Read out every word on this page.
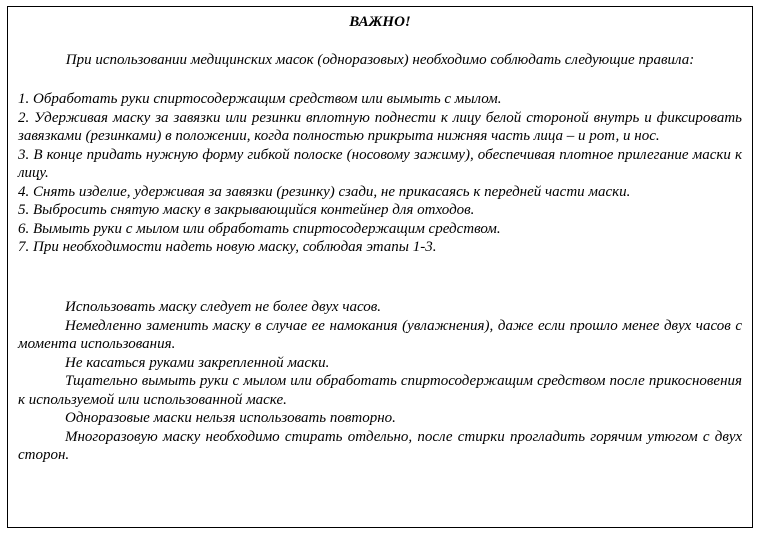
ВАЖНО!
При использовании медицинских масок (одноразовых) необходимо соблюдать следующие правила:
1. Обработать руки спиртосодержащим средством или вымыть с мылом.
2. Удерживая маску за завязки или резинки вплотную поднести к лицу белой стороной внутрь и фиксировать завязками (резинками) в положении, когда полностью прикрыта нижняя часть лица – и рот, и нос.
3. В конце придать нужную форму гибкой полоске (носовому зажиму), обеспечивая плотное прилегание маски к лицу.
4. Снять изделие, удерживая за завязки (резинку) сзади, не прикасаясь к передней части маски.
5. Выбросить снятую маску в закрывающийся контейнер для отходов.
6. Вымыть руки с мылом или обработать спиртосодержащим средством.
7. При необходимости надеть новую маску, соблюдая этапы 1-3.

Использовать маску следует не более двух часов.

Немедленно заменить маску в случае ее намокания (увлажнения), даже если прошло менее двух часов с момента использования.

Не касаться руками закрепленной маски.

Тщательно вымыть руки с мылом или обработать спиртосодержащим средством после прикосновения к используемой или использованной маске.

Одноразовые маски нельзя использовать повторно.

Многоразовую маску необходимо стирать отдельно, после стирки прогладить горячим утюгом с двух сторон.
